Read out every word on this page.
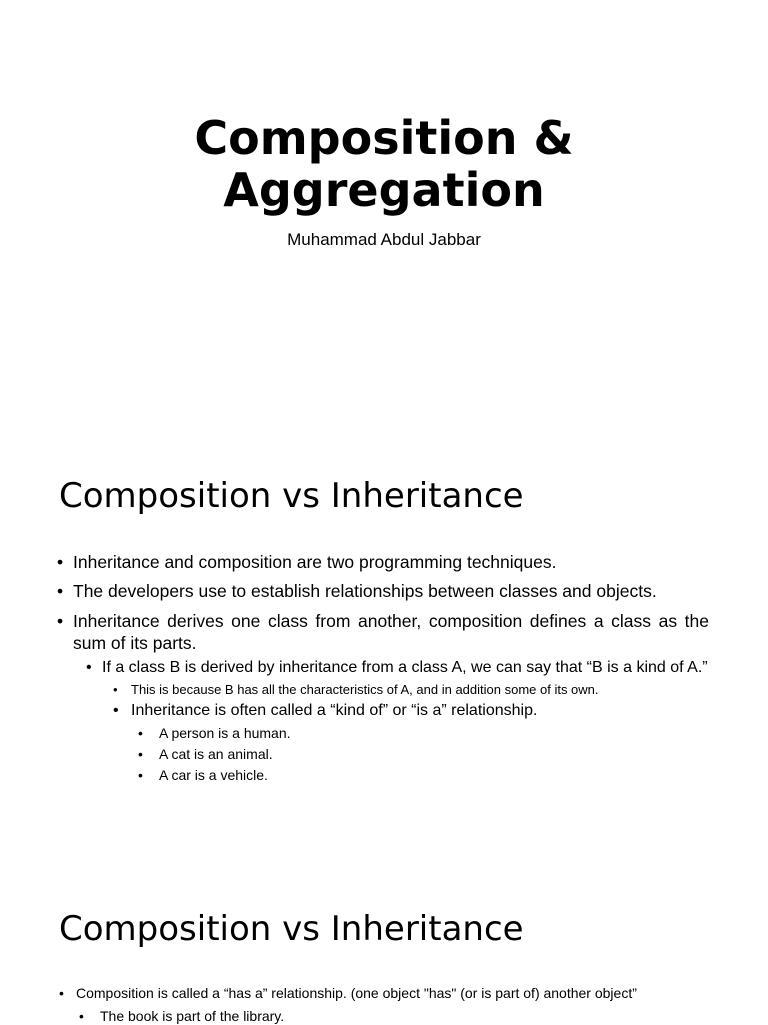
Composition &
Aggregation
Muhammad Abdul Jabbar
Composition vs Inheritance
• Inheritance and composition are two programming techniques.
• The developers use to establish relationships between classes and objects.
• Inheritance derives one class from another, composition defines a class as the sum of its parts.
• If a class B is derived by inheritance from a class A, we can say that “B is a kind of A.”
• This is because B has all the characteristics of A, and in addition some of its own.
• Inheritance is often called a “kind of” or “is a” relationship.
• A person is a human.
• A cat is an animal.
• A car is a vehicle.
Composition vs Inheritance
• Composition is called a “has a” relationship. (one object "has" (or is part of) another object”
• The book is part of the library.
